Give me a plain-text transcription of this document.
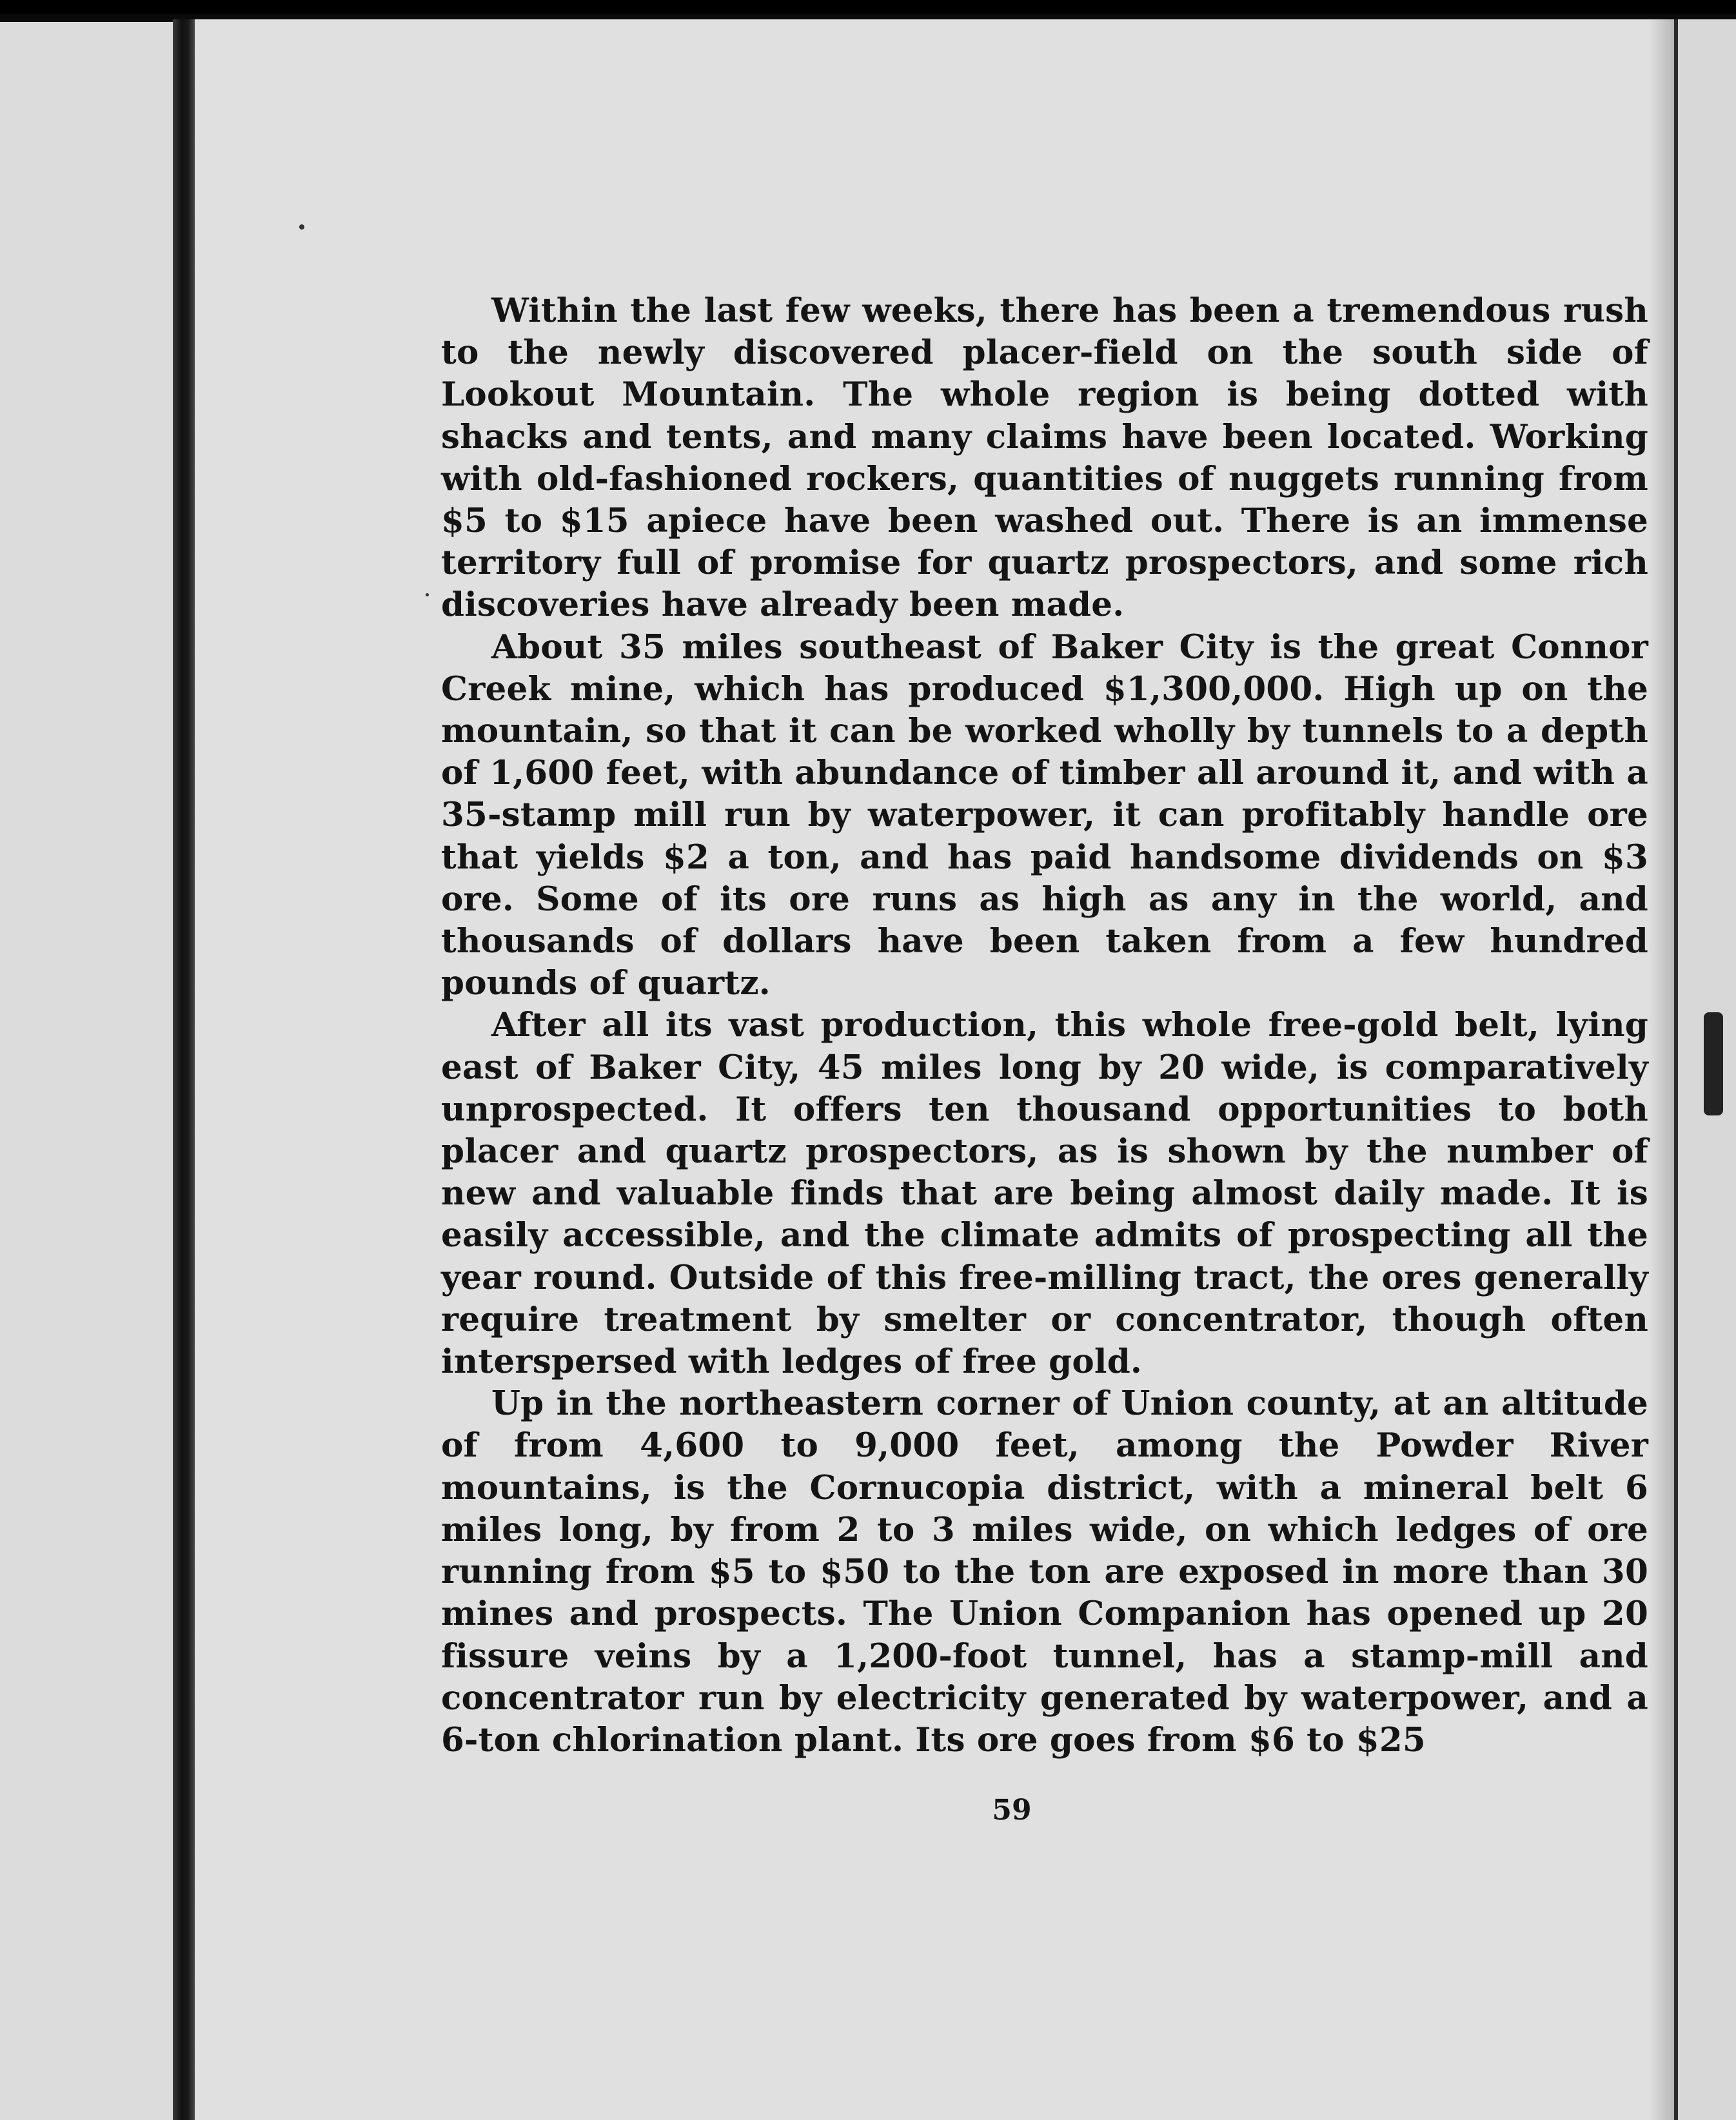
Within the last few weeks, there has been a tremendous rush to the newly discovered placer-field on the south side of Lookout Mountain. The whole region is being dotted with shacks and tents, and many claims have been located. Working with old-fashioned rockers, quantities of nuggets running from $5 to $15 apiece have been washed out. There is an immense territory full of promise for quartz prospectors, and some rich discoveries have already been made.

About 35 miles southeast of Baker City is the great Connor Creek mine, which has produced $1,300,000. High up on the mountain, so that it can be worked wholly by tunnels to a depth of 1,600 feet, with abundance of timber all around it, and with a 35-stamp mill run by waterpower, it can profitably handle ore that yields $2 a ton, and has paid handsome dividends on $3 ore. Some of its ore runs as high as any in the world, and thousands of dollars have been taken from a few hundred pounds of quartz.

After all its vast production, this whole free-gold belt, lying east of Baker City, 45 miles long by 20 wide, is comparatively unprospected. It offers ten thousand opportunities to both placer and quartz prospectors, as is shown by the number of new and valuable finds that are being almost daily made. It is easily accessible, and the climate admits of prospecting all the year round. Outside of this free-milling tract, the ores generally require treatment by smelter or concentrator, though often interspersed with ledges of free gold.

Up in the northeastern corner of Union county, at an altitude of from 4,600 to 9,000 feet, among the Powder River mountains, is the Cornucopia district, with a mineral belt 6 miles long, by from 2 to 3 miles wide, on which ledges of ore running from $5 to $50 to the ton are exposed in more than 30 mines and prospects. The Union Companion has opened up 20 fissure veins by a 1,200-foot tunnel, has a stamp-mill and concentrator run by electricity generated by waterpower, and a 6-ton chlorination plant. Its ore goes from $6 to $25

59
